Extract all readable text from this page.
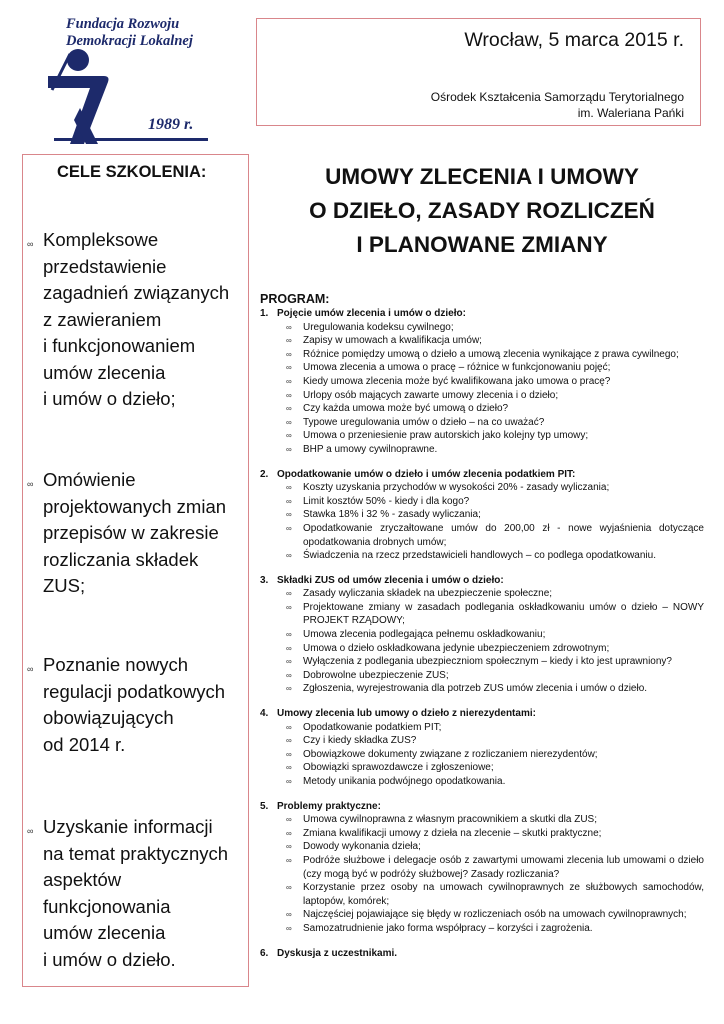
Fundacja Rozwoju
Demokracji Lokalnej
1989 r.
Wrocław, 5 marca 2015 r.
Ośrodek Kształcenia Samorządu Terytorialnego
im. Waleriana Pańki
CELE SZKOLENIA:
∞ Kompleksowe
przedstawienie
zagadnień związanych
z zawieraniem
i funkcjonowaniem
umów zlecenia
i umów o dzieło;
∞ Omówienie
projektowanych zmian
przepisów w zakresie
rozliczania składek
ZUS;
∞ Poznanie nowych
regulacji podatkowych
obowiązujących
od 2014 r.
∞ Uzyskanie informacji
na temat praktycznych
aspektów
funkcjonowania
umów zlecenia
i umów o dzieło.
UMOWY ZLECENIA I UMOWY
O DZIEŁO, ZASADY ROZLICZEŃ
I PLANOWANE ZMIANY
PROGRAM:
1. Pojęcie umów zlecenia i umów o dzieło:
∞	Uregulowania kodeksu cywilnego;
∞	Zapisy w umowach a kwalifikacja umów;
∞	Różnice pomiędzy umową o dzieło a umową zlecenia wynikające z prawa cywilnego;
∞	Umowa zlecenia a umowa o pracę – różnice w funkcjonowaniu pojęć;
∞	Kiedy umowa zlecenia może być kwalifikowana jako umowa o pracę?
∞	Urlopy osób mających zawarte umowy zlecenia i o dzieło;
∞	Czy każda umowa może być umową o dzieło?
∞	Typowe uregulowania umów o dzieło – na co uważać?
∞	Umowa o przeniesienie praw autorskich jako kolejny typ umowy;
∞	BHP a umowy cywilnoprawne.
2. Opodatkowanie umów o dzieło i umów zlecenia podatkiem PIT:
∞	Koszty uzyskania przychodów w wysokości 20% - zasady wyliczania;
∞	Limit kosztów 50% - kiedy i dla kogo?
∞	Stawka 18% i 32 % - zasady wyliczania;
∞	Opodatkowanie zryczałtowane umów do 200,00 zł - nowe wyjaśnienia dotyczące opodatkowania drobnych umów;
∞	Świadczenia na rzecz przedstawicieli handlowych – co podlega opodatkowaniu.
3. Składki ZUS od umów zlecenia i umów o dzieło:
∞	Zasady wyliczania składek na ubezpieczenie społeczne;
∞	Projektowane zmiany w zasadach podlegania oskładkowaniu umów o dzieło – NOWY PROJEKT RZĄDOWY;
∞	Umowa zlecenia podlegająca pełnemu oskładkowaniu;
∞	Umowa o dzieło oskładkowana jedynie ubezpieczeniem zdrowotnym;
∞	Wyłączenia z podlegania ubezpieczniom społecznym – kiedy i kto jest uprawniony?
∞	Dobrowolne ubezpieczenie ZUS;
∞	Zgłoszenia, wyrejestrowania dla potrzeb ZUS umów zlecenia i umów o dzieło.
4. Umowy zlecenia lub umowy o dzieło z nierezydentami:
∞	Opodatkowanie podatkiem PIT;
∞	Czy i kiedy składka ZUS?
∞	Obowiązkowe dokumenty związane z rozliczaniem nierezydentów;
∞	Obowiązki sprawozdawcze i zgłoszeniowe;
∞	Metody unikania podwójnego opodatkowania.
5. Problemy praktyczne:
∞	Umowa cywilnoprawna z własnym pracownikiem a skutki dla ZUS;
∞	Zmiana kwalifikacji umowy z dzieła na zlecenie – skutki praktyczne;
∞	Dowody wykonania dzieła;
∞	Podróże służbowe i delegacje osób z zawartymi umowami zlecenia lub umowami o dzieło (czy mogą być w podróży służbowej? Zasady rozliczania?
∞	Korzystanie przez osoby na umowach cywilnoprawnych ze służbowych samochodów, laptopów, komórek;
∞	Najczęściej pojawiające się błędy w rozliczeniach osób na umowach cywilnoprawnych;
∞	Samozatrudnienie jako forma współpracy – korzyści i zagrożenia.
6. Dyskusja z uczestnikami.
